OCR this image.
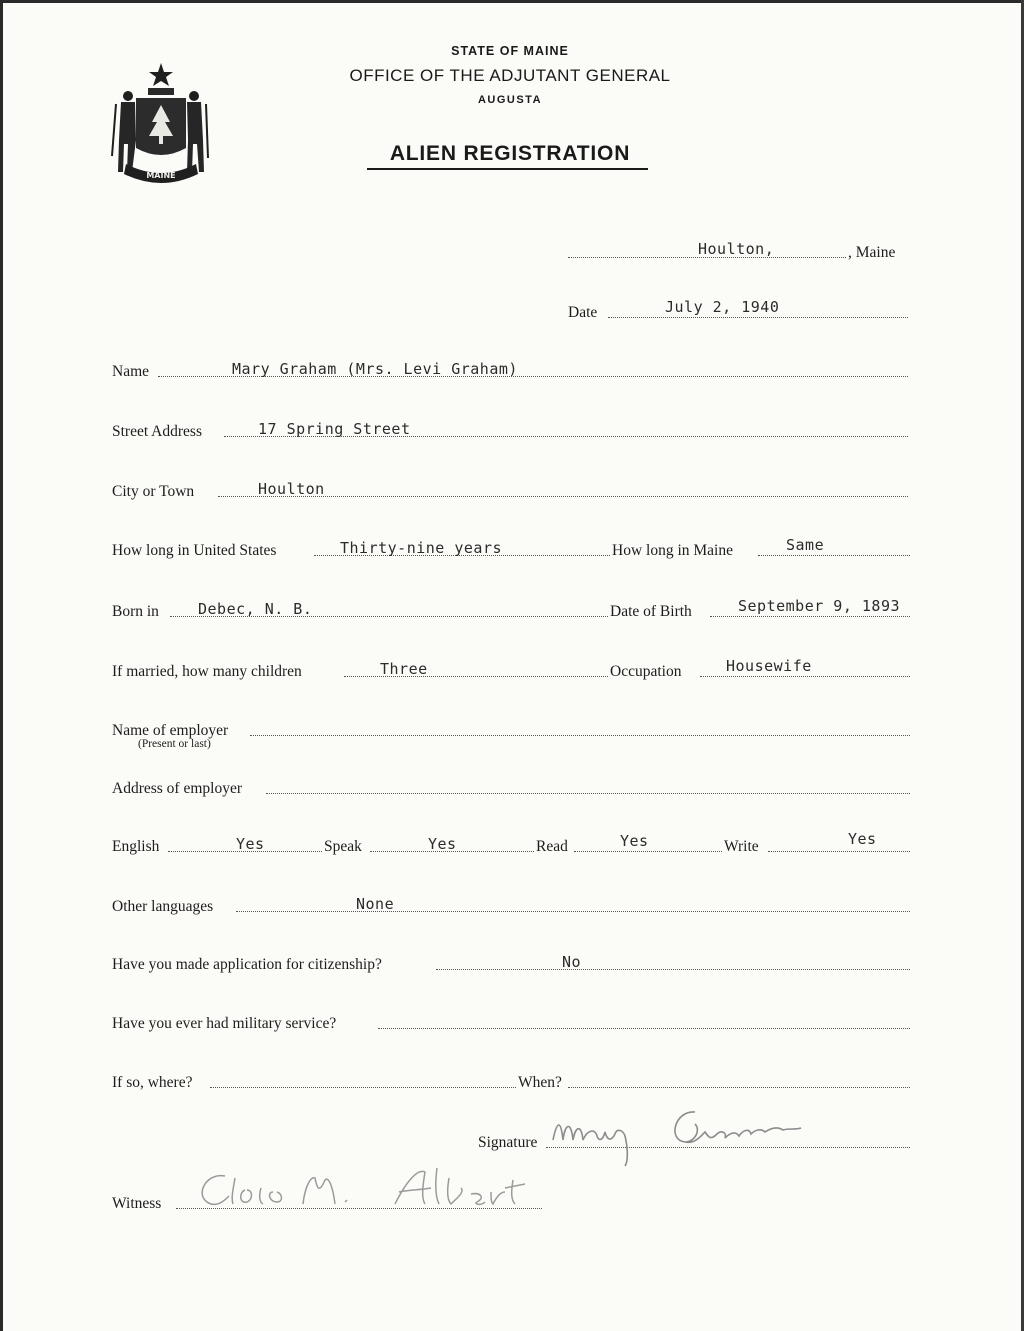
MAINE
STATE OF MAINE
OFFICE OF THE ADJUTANT GENERAL
AUGUSTA
ALIEN REGISTRATION
Houlton,	, Maine
Date	July 2, 1940
Name	Mary Graham (Mrs. Levi Graham)
Street Address	17 Spring Street
City or Town	Houlton
How long in United States	Thirty-nine years	How long in Maine	Same
Born in	Debec, N. B.	Date of Birth	September 9, 1893
If married, how many children	Three	Occupation	Housewife
Name of employer
(Present or last)
Address of employer
English	Yes	Speak	Yes	Read	Yes	Write	Yes
Other languages	None
Have you made application for citizenship?	No
Have you ever had military service?
If so, where?	When?
Signature
Witness
